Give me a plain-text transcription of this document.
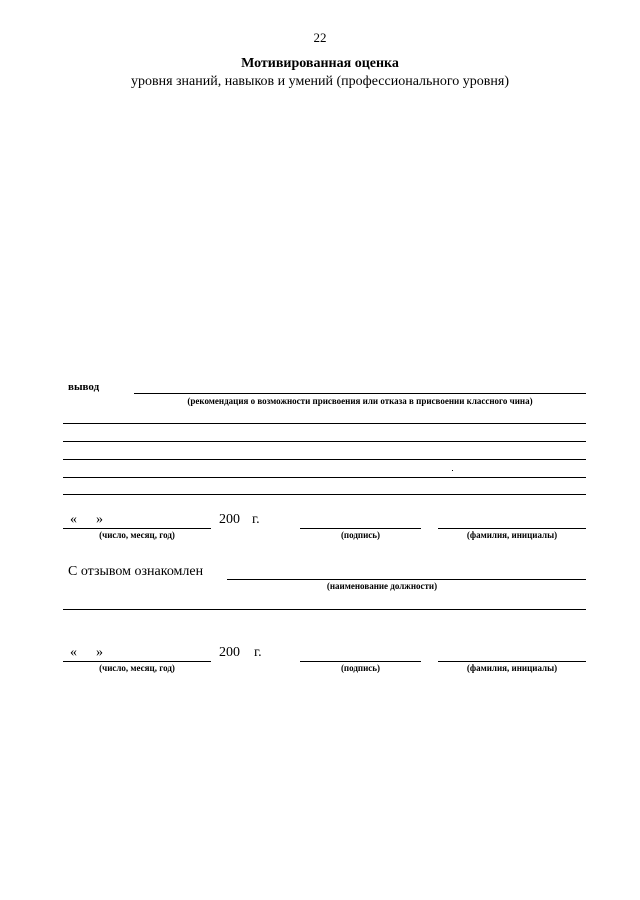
22
Мотивированная оценка
уровня знаний, навыков и умений (профессионального уровня)
вывод
(рекомендация о возможности присвоения или отказа в присвоении классного чина)
« »	200 г.
(число, месяц, год)	(подпись)	(фамилия, инициалы)
С отзывом ознакомлен
(наименование должности)
« »	200 г.
(число, месяц, год)	(подпись)	(фамилия, инициалы)
